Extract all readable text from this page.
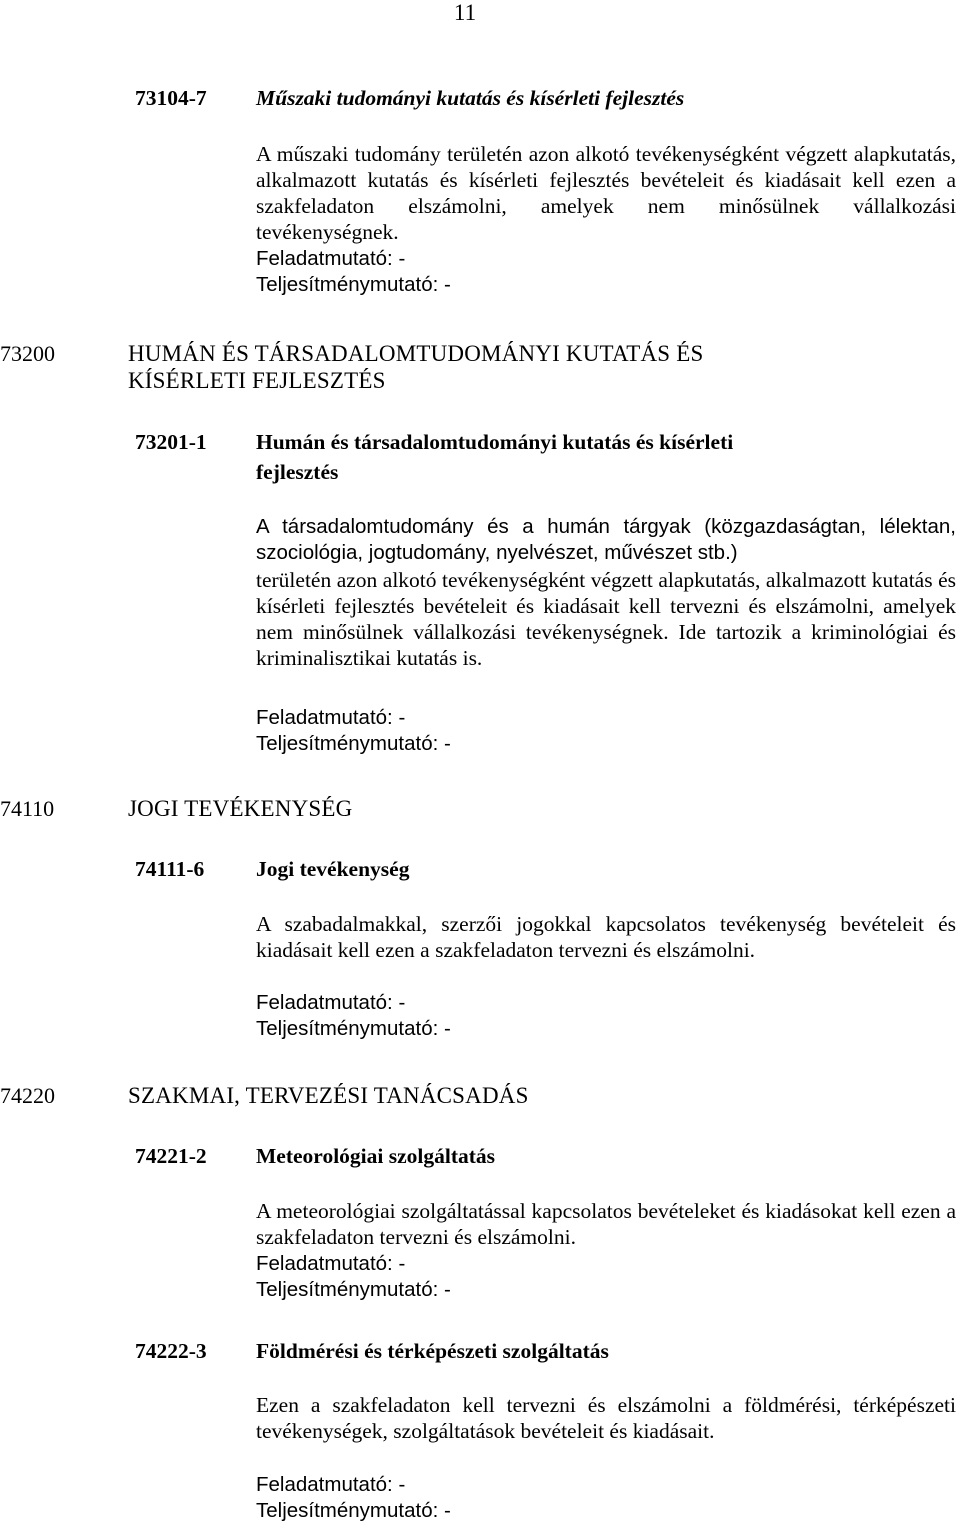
11
73104-7 Műszaki tudományi kutatás és kísérleti fejlesztés

A műszaki tudomány területén azon alkotó tevékenységként végzett alapkutatás, alkalmazott kutatás és kísérleti fejlesztés bevételeit és kiadásait kell ezen a szakfeladaton elszámolni, amelyek nem minősülnek vállalkozási tevékenységnek.

Feladatmutató: -
Teljesítménymutató: -
73200	HUMÁN ÉS TÁRSADALOMTUDOMÁNYI KUTATÁS ÉS
KÍSÉRLETI FEJLESZTÉS
73201-1 Humán és társadalomtudományi kutatás és kísérleti
fejlesztés

A társadalomtudomány és a humán tárgyak (közgazdaságtan, lélektan, szociológia, jogtudomány, nyelvészet, művészet stb.)

területén azon alkotó tevékenységként végzett alapkutatás, alkalmazott kutatás és kísérleti fejlesztés bevételeit és kiadásait kell tervezni és elszámolni, amelyek nem minősülnek vállalkozási tevékenységnek. Ide tartozik a kriminológiai és kriminalisztikai kutatás is.

Feladatmutató: -
Teljesítménymutató: -
74110	JOGI TEVÉKENYSÉG
74111-6 Jogi tevékenység

A szabadalmakkal, szerzői jogokkal kapcsolatos tevékenység bevételeit és kiadásait kell ezen a szakfeladaton tervezni és elszámolni.

Feladatmutató: -
Teljesítménymutató: -
74220	SZAKMAI, TERVEZÉSI TANÁCSADÁS
74221-2 Meteorológiai szolgáltatás

A meteorológiai szolgáltatással kapcsolatos bevételeket és kiadásokat kell ezen a szakfeladaton tervezni és elszámolni.

Feladatmutató: -
Teljesítménymutató: -
74222-3 Földmérési és térképészeti szolgáltatás

Ezen a szakfeladaton kell tervezni és elszámolni a földmérési, térképészeti tevékenységek, szolgáltatások bevételeit és kiadásait.

Feladatmutató: -
Teljesítménymutató: -
